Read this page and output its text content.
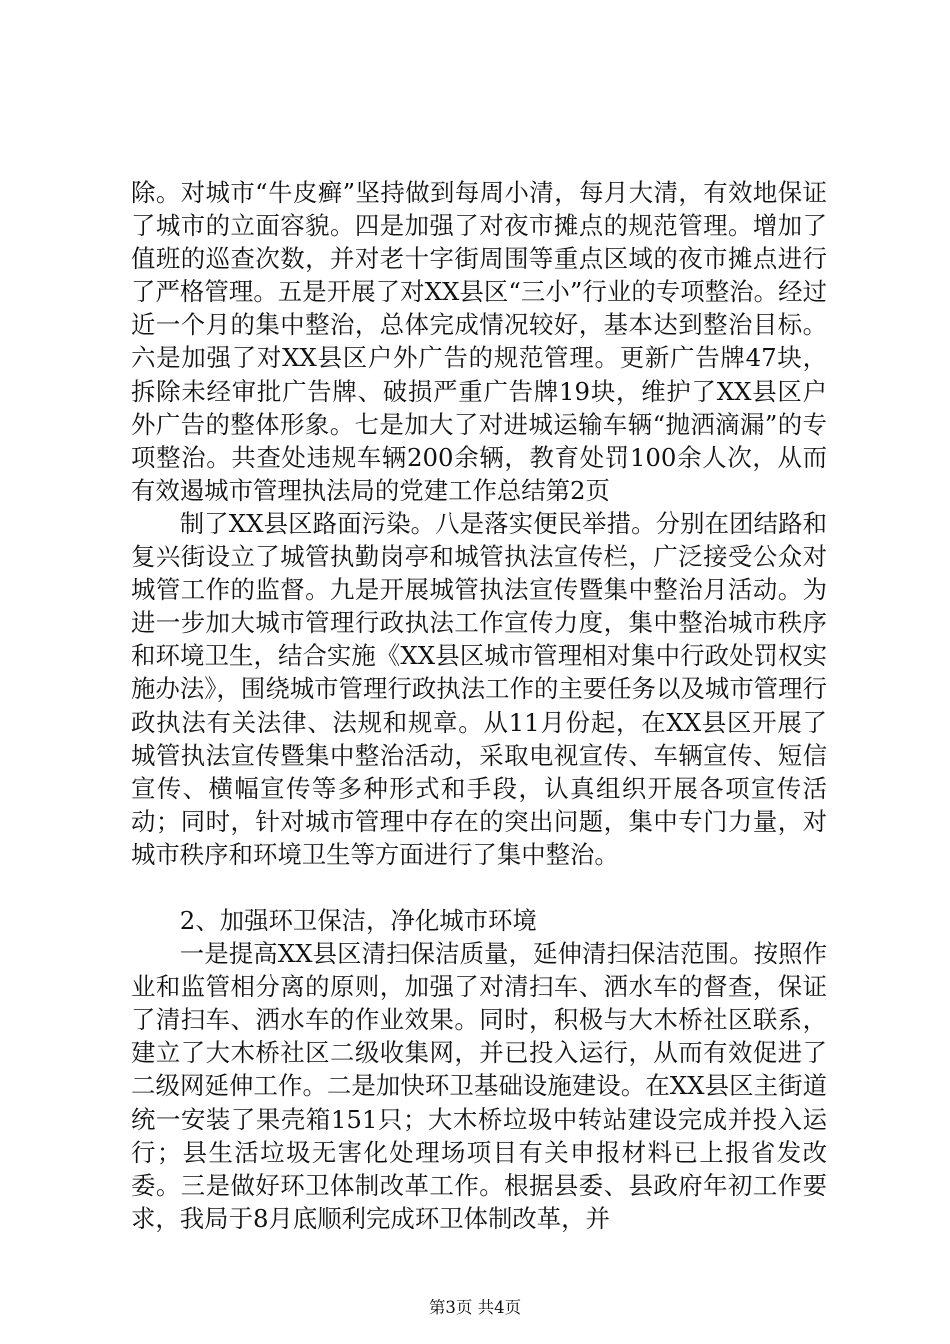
除。对城市“牛皮癣”坚持做到每周小清，每月大清，有效地保证了城市的立面容貌。四是加强了对夜市摊点的规范管理。增加了值班的巡查次数，并对老十字街周围等重点区域的夜市摊点进行了严格管理。五是开展了对XX县区“三小”行业的专项整治。经过近一个月的集中整治，总体完成情况较好，基本达到整治目标。六是加强了对XX县区户外广告的规范管理。更新广告牌47块，拆除未经审批广告牌、破损严重广告牌19块，维护了XX县区户外广告的整体形象。七是加大了对进城运输车辆“抛洒滴漏”的专项整治。共查处违规车辆200余辆，教育处罚100余人次，从而有效遏城市管理执法局的党建工作总结第2页

制了XX县区路面污染。八是落实便民举措。分别在团结路和复兴街设立了城管执勤岗亭和城管执法宣传栏，广泛接受公众对城管工作的监督。九是开展城管执法宣传暨集中整治月活动。为进一步加大城市管理行政执法工作宣传力度，集中整治城市秩序和环境卫生，结合实施《XX县区城市管理相对集中行政处罚权实施办法》，围绕城市管理行政执法工作的主要任务以及城市管理行政执法有关法律、法规和规章。从11月份起，在XX县区开展了城管执法宣传暨集中整治活动，采取电视宣传、车辆宣传、短信宣传、横幅宣传等多种形式和手段，认真组织开展各项宣传活动；同时，针对城市管理中存在的突出问题，集中专门力量，对城市秩序和环境卫生等方面进行了集中整治。

2、加强环卫保洁，净化城市环境

一是提高XX县区清扫保洁质量，延伸清扫保洁范围。按照作业和监管相分离的原则，加强了对清扫车、洒水车的督查，保证了清扫车、洒水车的作业效果。同时，积极与大木桥社区联系，建立了大木桥社区二级收集网，并已投入运行，从而有效促进了二级网延伸工作。二是加快环卫基础设施建设。在XX县区主街道统一安装了果壳箱151只；大木桥垃圾中转站建设完成并投入运行；县生活垃圾无害化处理场项目有关申报材料已上报省发改委。三是做好环卫体制改革工作。根据县委、县政府年初工作要求，我局于8月底顺利完成环卫体制改革，并

第3页 共4页
